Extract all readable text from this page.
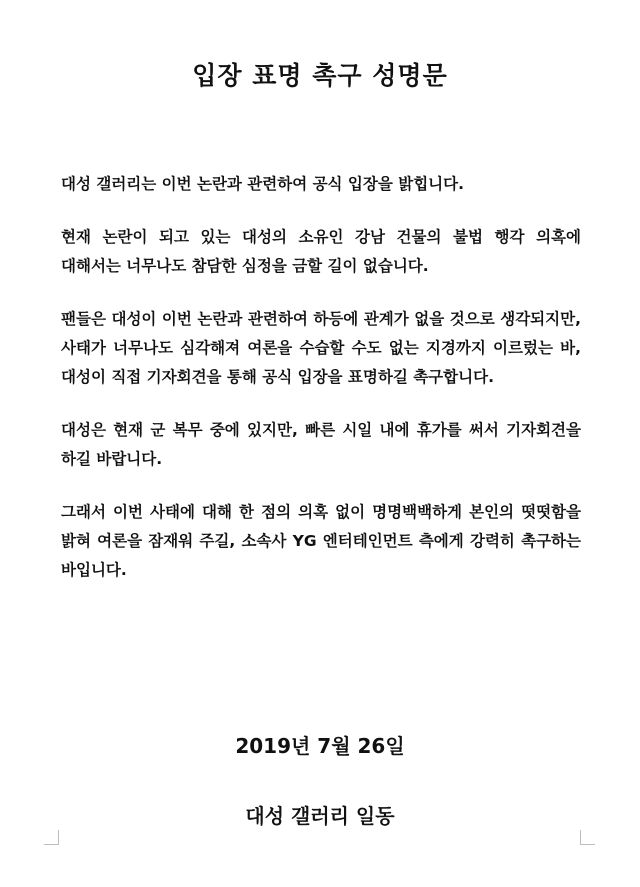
입장 표명 촉구 성명문

대성 갤러리는 이번 논란과 관련하여 공식 입장을 밝힙니다.

현재 논란이 되고 있는 대성의 소유인 강남 건물의 불법 행각 의혹에 대해서는 너무나도 참담한 심정을 금할 길이 없습니다.

팬들은 대성이 이번 논란과 관련하여 하등에 관계가 없을 것으로 생각되지만, 사태가 너무나도 심각해져 여론을 수습할 수도 없는 지경까지 이르렀는 바, 대성이 직접 기자회견을 통해 공식 입장을 표명하길 촉구합니다.

대성은 현재 군 복무 중에 있지만, 빠른 시일 내에 휴가를 써서 기자회견을 하길 바랍니다.

그래서 이번 사태에 대해 한 점의 의혹 없이 명명백백하게 본인의 떳떳함을 밝혀 여론을 잠재워 주길, 소속사 YG 엔터테인먼트 측에게 강력히 촉구하는 바입니다.

2019년 7월 26일
대성 갤러리 일동
